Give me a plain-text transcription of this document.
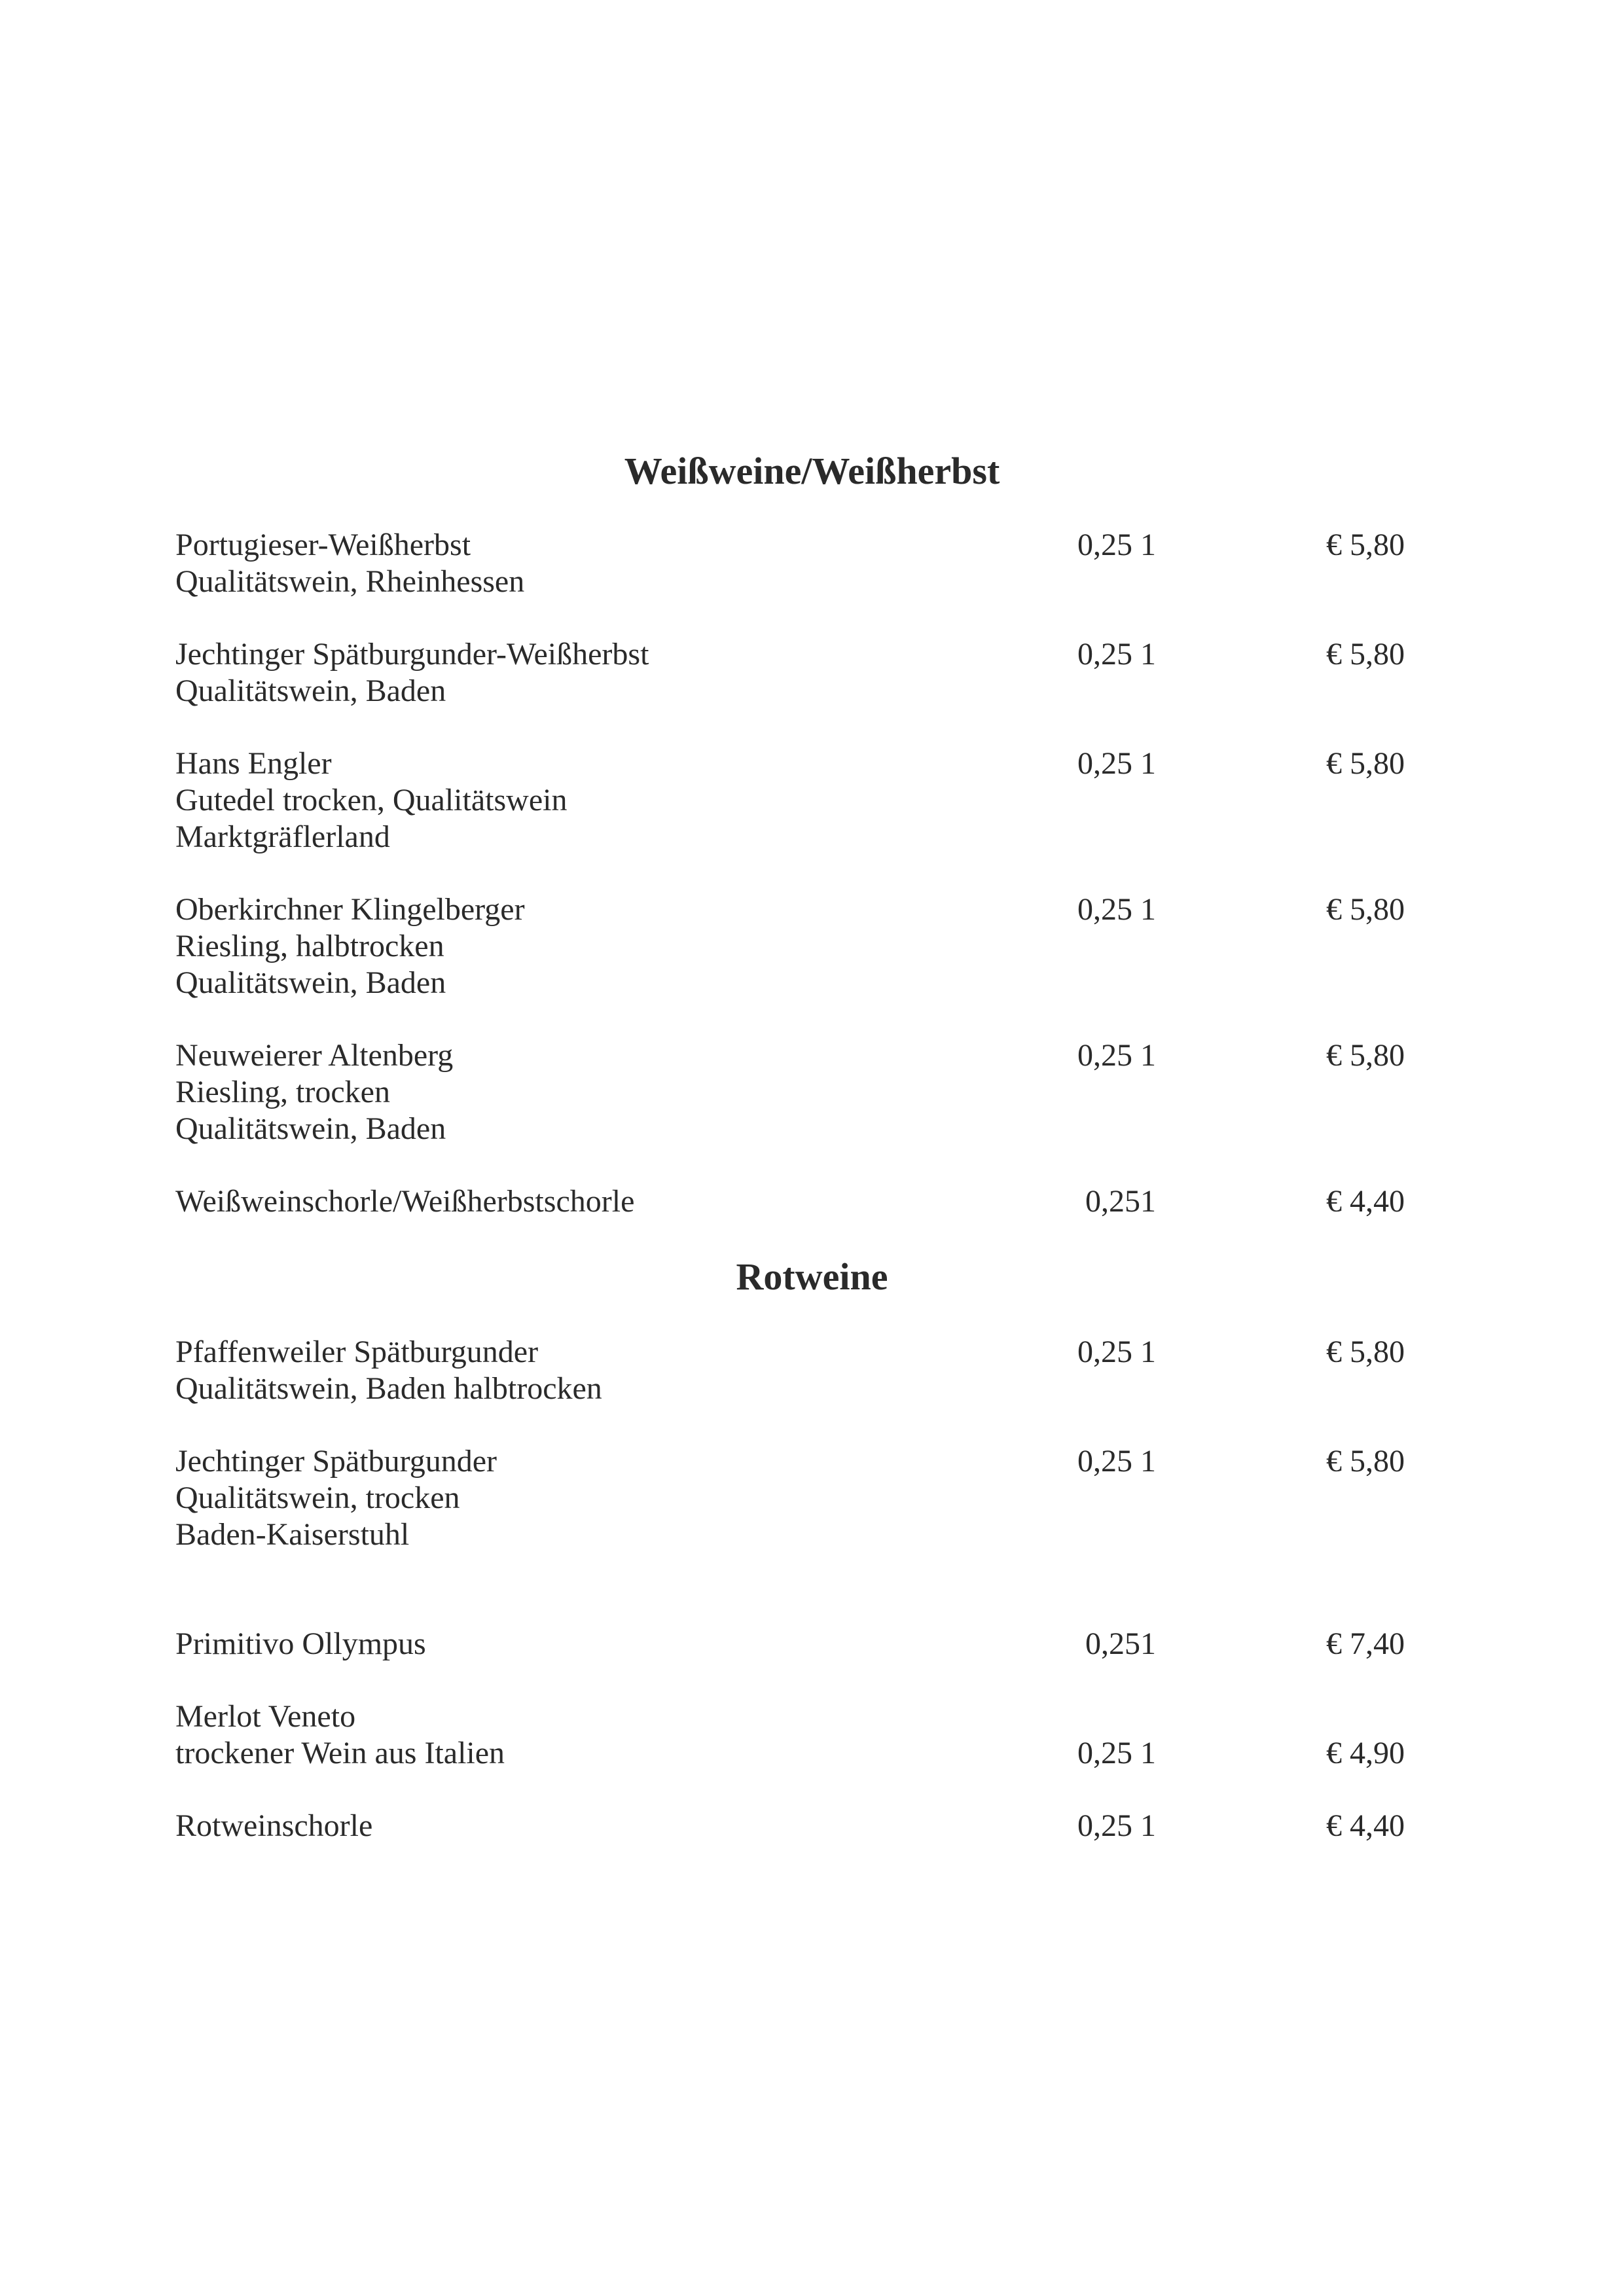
Weißweine/Weißherbst
Portugieser-Weißherbst
Qualitätswein, Rheinhessen
0,25 1	€ 5,80
Jechtinger Spätburgunder-Weißherbst
Qualitätswein, Baden
0,25 1	€ 5,80
Hans Engler
Gutedel trocken, Qualitätswein
Marktgräflerland
0,25 1	€ 5,80
Oberkirchner Klingelberger
Riesling, halbtrocken
Qualitätswein, Baden
0,25 1	€ 5,80
Neuweierer Altenberg
Riesling, trocken
Qualitätswein, Baden
0,25 1	€ 5,80
Weißweinschorle/Weißherbstschorle	0,251	€ 4,40
Rotweine
Pfaffenweiler Spätburgunder
Qualitätswein, Baden halbtrocken
0,25 1	€ 5,80
Jechtinger Spätburgunder
Qualitätswein, trocken
Baden-Kaiserstuhl
0,25 1	€ 5,80
Primitivo Ollympus	0,251	€ 7,40
Merlot Veneto
trockener Wein aus Italien	0,25 1	€ 4,90
Rotweinschorle	0,25 1	€ 4,40
